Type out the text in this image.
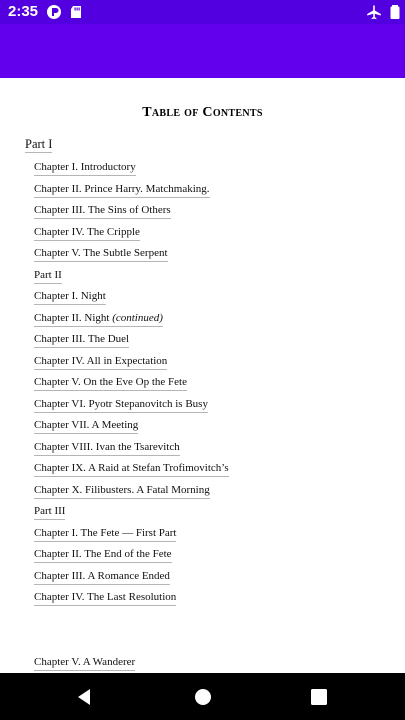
2:35
Table of Contents
Part I
Chapter I. Introductory
Chapter II. Prince Harry. Matchmaking.
Chapter III. The Sins of Others
Chapter IV. The Cripple
Chapter V. The Subtle Serpent
Part II
Chapter I. Night
Chapter II. Night (continued)
Chapter III. The Duel
Chapter IV. All in Expectation
Chapter V. On the Eve Op the Fete
Chapter VI. Pyotr Stepanovitch is Busy
Chapter VII. A Meeting
Chapter VIII. Ivan the Tsarevitch
Chapter IX. A Raid at Stefan Trofimovitch’s
Chapter X. Filibusters. A Fatal Morning
Part III
Chapter I. The Fete — First Part
Chapter II. The End of the Fete
Chapter III. A Romance Ended
Chapter IV. The Last Resolution
Chapter V. A Wanderer
